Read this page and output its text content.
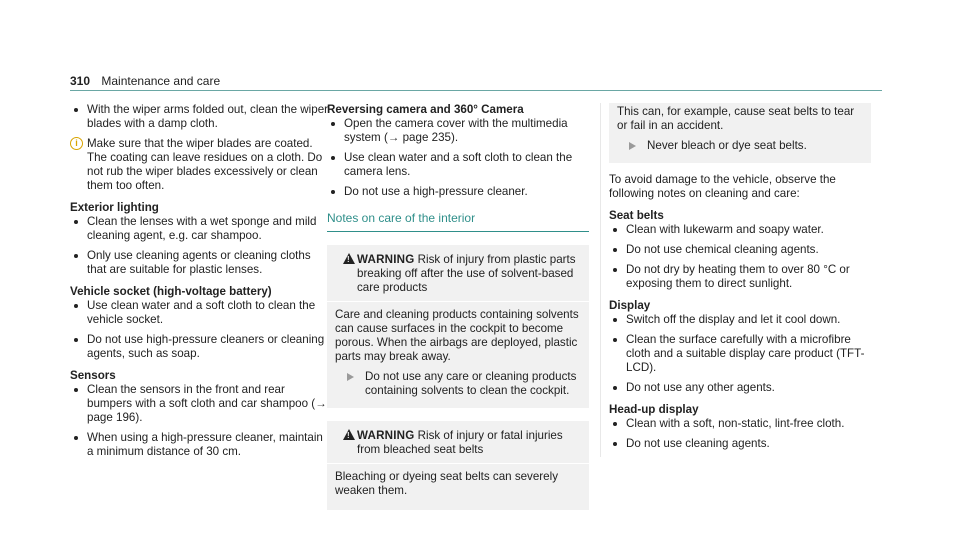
310 Maintenance and care

With the wiper arms folded out, clean the wiper blades with a damp cloth.

i Make sure that the wiper blades are coated. The coating can leave residues on a cloth. Do not rub the wiper blades excessively or clean them too often.

Exterior lighting

Clean the lenses with a wet sponge and mild cleaning agent, e.g. car shampoo.

Only use cleaning agents or cleaning cloths that are suitable for plastic lenses.

Vehicle socket (high-voltage battery)

Use clean water and a soft cloth to clean the vehicle socket.

Do not use high-pressure cleaners or cleaning agents, such as soap.

Sensors

Clean the sensors in the front and rear bumpers with a soft cloth and car shampoo (→ page 196).

When using a high-pressure cleaner, maintain a minimum distance of 30 cm.

Reversing camera and 360° Camera

Open the camera cover with the multimedia system (→ page 235).

Use clean water and a soft cloth to clean the camera lens.

Do not use a high-pressure cleaner.

Notes on care of the interior

!
WARNING Risk of injury from plastic parts breaking off after the use of solvent-based care products

Care and cleaning products containing solvents can cause surfaces in the cockpit to become porous. When the airbags are deployed, plastic parts may break away.

Do not use any care or cleaning products containing solvents to clean the cockpit.
!
WARNING Risk of injury or fatal injuries from bleached seat belts

Bleaching or dyeing seat belts can severely weaken them.

This can, for example, cause seat belts to tear or fail in an accident.

Never bleach or dye seat belts.

To avoid damage to the vehicle, observe the following notes on cleaning and care:

Seat belts

Clean with lukewarm and soapy water.

Do not use chemical cleaning agents.

Do not dry by heating them to over 80 °C or exposing them to direct sunlight.

Display

Switch off the display and let it cool down.

Clean the surface carefully with a microfibre cloth and a suitable display care product (TFT-LCD).

Do not use any other agents.

Head-up display

Clean with a soft, non-static, lint-free cloth.

Do not use cleaning agents.
